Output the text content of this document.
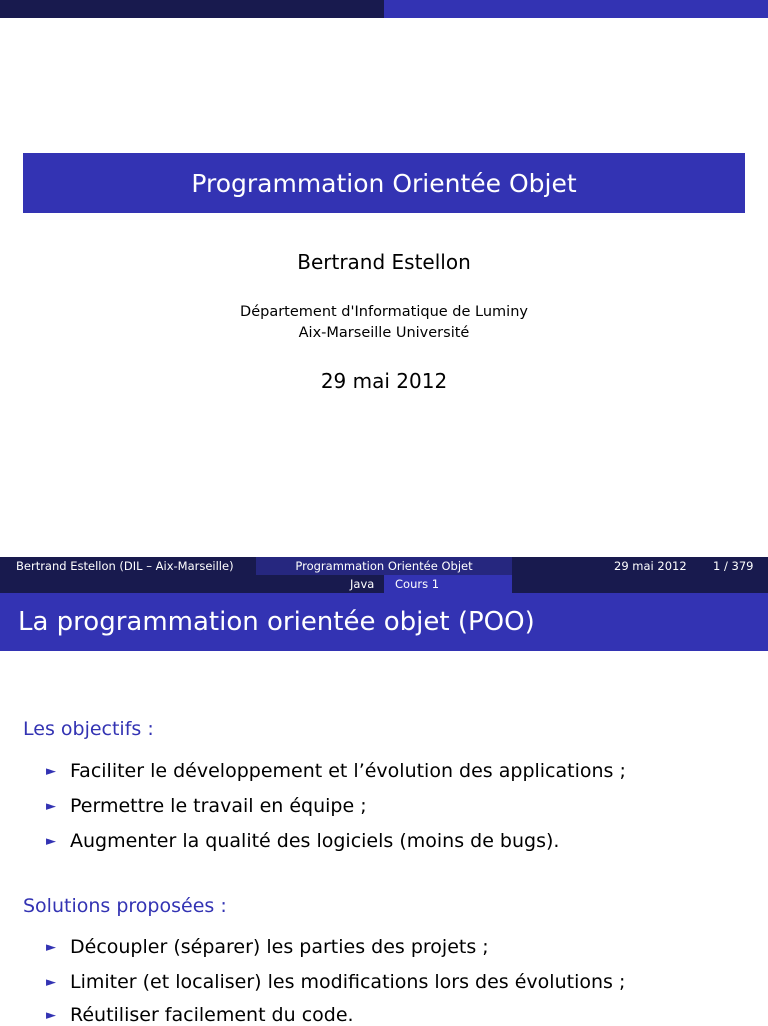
Programmation Orientée Objet
Bertrand Estellon
Département d'Informatique de Luminy
Aix-Marseille Université
29 mai 2012
Bertrand Estellon (DIL – Aix-Marseille)	Programmation Orientée Objet	29 mai 2012 1 / 379
Java	Cours 1
La programmation orientée objet (POO)
Les objectifs :
► Faciliter le développement et l’évolution des applications ;
► Permettre le travail en équipe ;
► Augmenter la qualité des logiciels (moins de bugs).
Solutions proposées :
► Découpler (séparer) les parties des projets ;
► Limiter (et localiser) les modifications lors des évolutions ;
► Réutiliser facilement du code.
